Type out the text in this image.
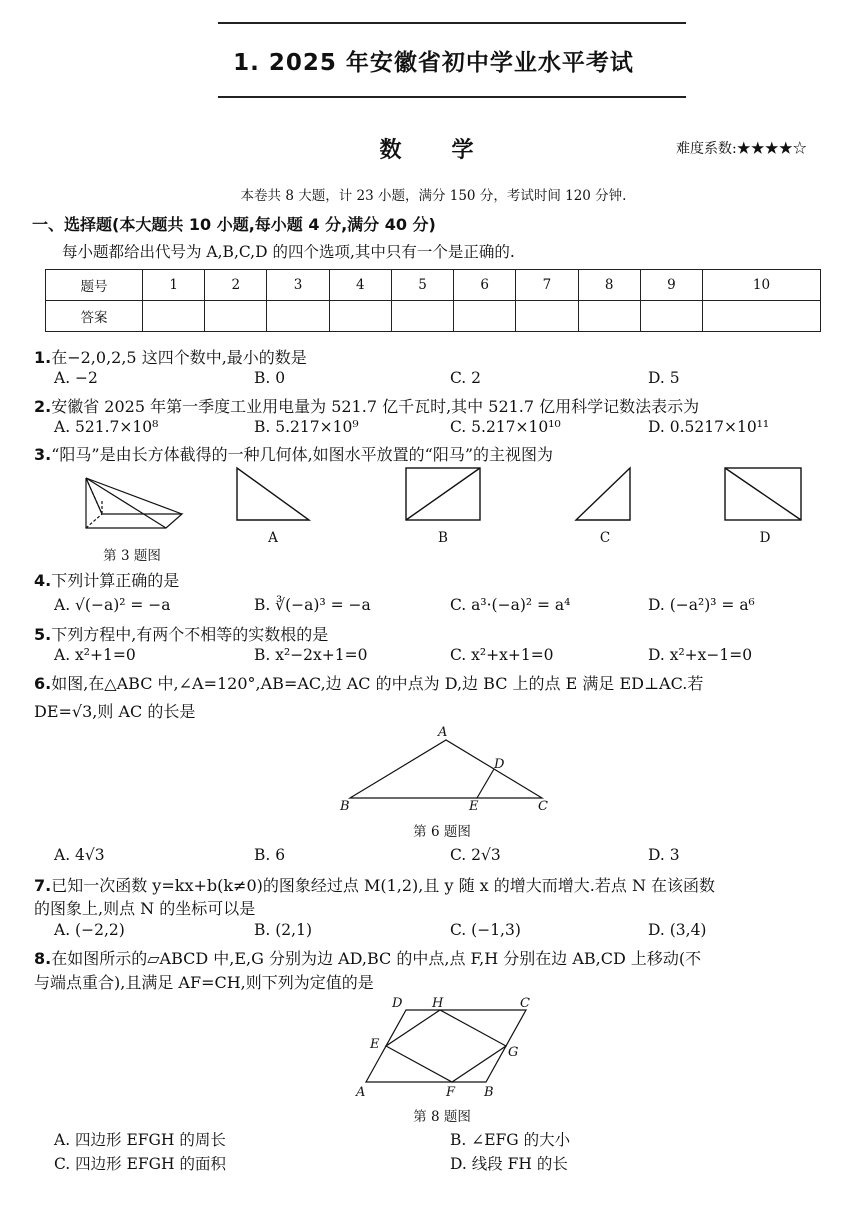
1. 2025 年安徽省初中学业水平考试
数　学	难度系数:★★★★☆
本卷共 8 大题，计 23 小题，满分 150 分，考试时间 120 分钟.
一、选择题(本大题共 10 小题,每小题 4 分,满分 40 分)
每小题都给出代号为 A,B,C,D 的四个选项,其中只有一个是正确的.
题号	1	2	3	4	5	6	7	8	9	10
答案										
1.在−2,0,2,5 这四个数中,最小的数是
A. −2	B. 0	C. 2	D. 5
2.安徽省 2025 年第一季度工业用电量为 521.7 亿千瓦时,其中 521.7 亿用科学记数法表示为
A. 521.7×10⁸	B. 5.217×10⁹	C. 5.217×10¹⁰	D. 0.5217×10¹¹
3.“阳马”是由长方体截得的一种几何体,如图水平放置的“阳马”的主视图为
第 3 题图
A	B	C	D
4.下列计算正确的是
A. √(−a)² = −a	B. ∛(−a)³ = −a	C. a³·(−a)² = a⁴	D. (−a²)³ = a⁶
5.下列方程中,有两个不相等的实数根的是
A. x²+1=0	B. x²−2x+1=0	C. x²+x+1=0	D. x²+x−1=0
6.如图,在△ABC 中,∠A=120°,AB=AC,边 AC 的中点为 D,边 BC 上的点 E 满足 ED⊥AC.若
DE=√3,则 AC 的长是
A
D
B	E	C
第 6 题图
A. 4√3	B. 6	C. 2√3	D. 3
7.已知一次函数 y=kx+b(k≠0)的图象经过点 M(1,2),且 y 随 x 的增大而增大.若点 N 在该函数
的图象上,则点 N 的坐标可以是
A. (−2,2)	B. (2,1)	C. (−1,3)	D. (3,4)
8.在如图所示的▱ABCD 中,E,G 分别为边 AD,BC 的中点,点 F,H 分别在边 AB,CD 上移动(不
与端点重合),且满足 AF=CH,则下列为定值的是
D H	C
E
G
A	F B
第 8 题图
A. 四边形 EFGH 的周长	B. ∠EFG 的大小
C. 四边形 EFGH 的面积	D. 线段 FH 的长
